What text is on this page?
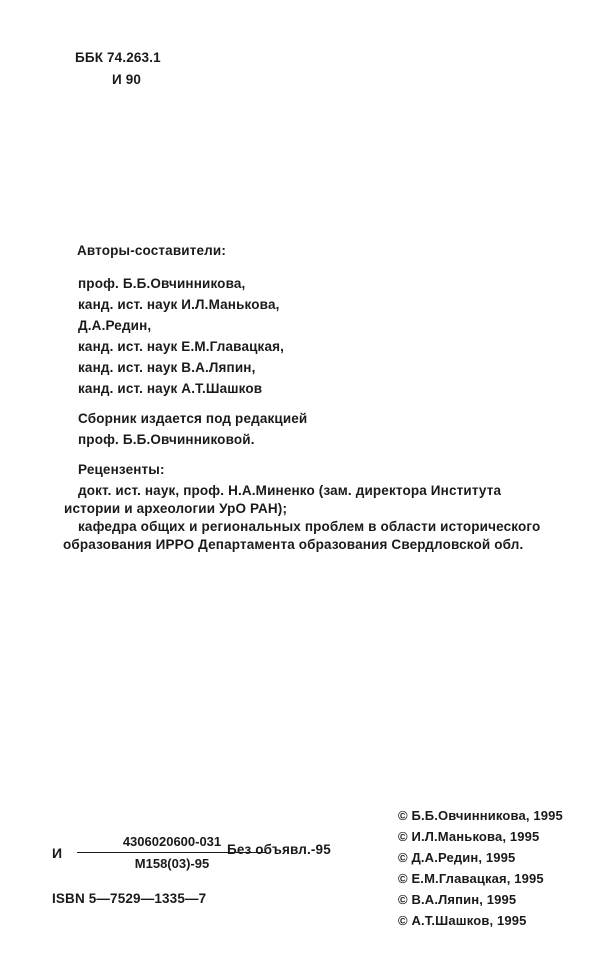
ББК 74.263.1
И 90
Авторы-составители:
проф. Б.Б.Овчинникова,
канд. ист. наук И.Л.Манькова,
Д.А.Редин,
канд. ист. наук Е.М.Главацкая,
канд. ист. наук В.А.Ляпин,
канд. ист. наук А.Т.Шашков
Сборник издается под редакцией
проф. Б.Б.Овчинниковой.
Рецензенты:
докт. ист. наук, проф. Н.А.Миненко (зам. директора Института
истории и археологии УрО РАН);
кафедра общих и региональных проблем в области исторического
образования ИРРО Департамента образования Свердловской обл.
© Б.Б.Овчинникова, 1995
© И.Л.Манькова, 1995
© Д.А.Редин, 1995
© Е.М.Главацкая, 1995
© В.А.Ляпин, 1995
© А.Т.Шашков, 1995
И
4306020600-031
М158(03)-95
Без объявл.-95
ISBN 5—7529—1335—7
